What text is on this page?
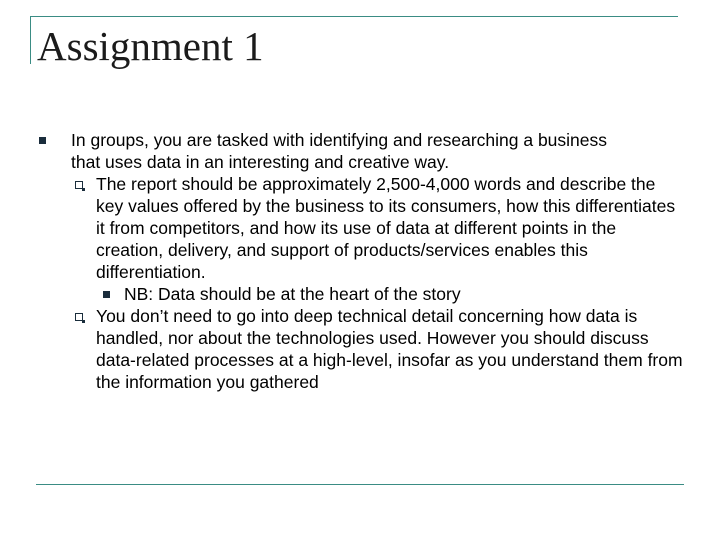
Assignment 1
In groups, you are tasked with identifying and researching a business that uses data in an interesting and creative way.
The report should be approximately 2,500-4,000 words and describe the key values offered by the business to its consumers, how this differentiates it from competitors, and how its use of data at different points in the creation, delivery, and support of products/services enables this differentiation.
NB: Data should be at the heart of the story
You don’t need to go into deep technical detail concerning how data is handled, nor about the technologies used. However you should discuss data-related processes at a high-level, insofar as you understand them from the information you gathered
